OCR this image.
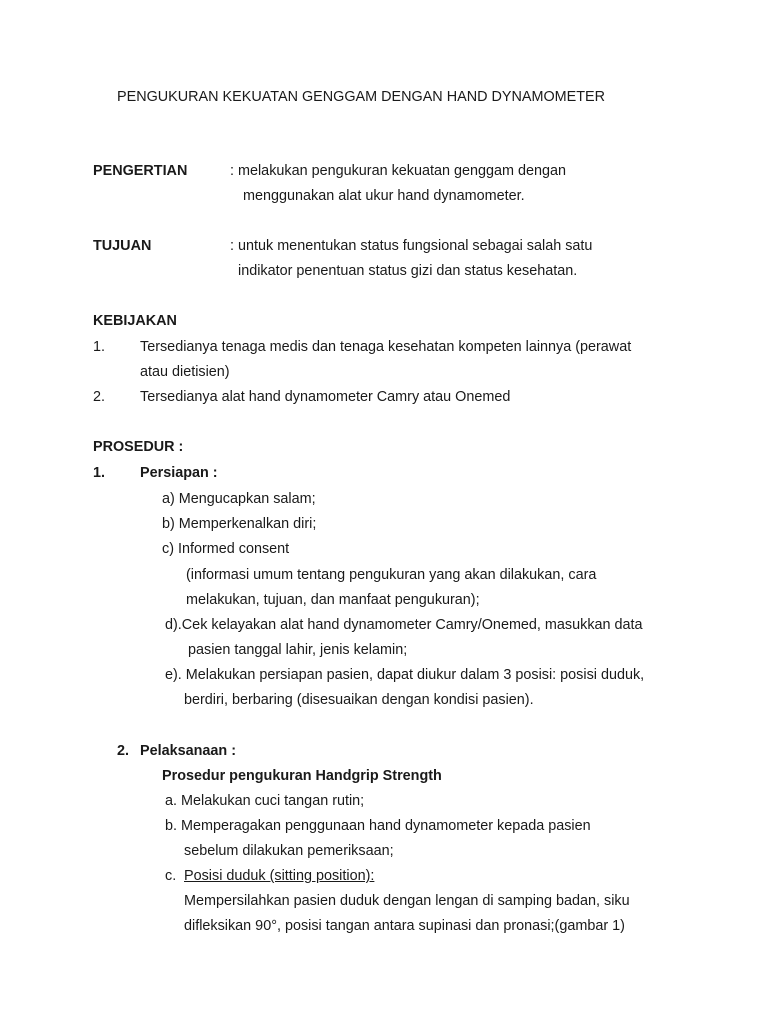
PENGUKURAN KEKUATAN GENGGAM DENGAN HAND DYNAMOMETER
PENGERTIAN	: melakukan pengukuran kekuatan genggam dengan
menggunakan alat ukur hand dynamometer.
TUJUAN	: untuk menentukan status fungsional sebagai salah satu
indikator penentuan status gizi dan status kesehatan.
KEBIJAKAN
1. Tersedianya tenaga medis dan tenaga kesehatan kompeten lainnya (perawat
atau dietisien)
2. Tersedianya alat hand dynamometer Camry atau Onemed
PROSEDUR :
1. Persiapan :
a) Mengucapkan salam;
b) Memperkenalkan diri;
c) Informed consent
(informasi umum tentang pengukuran yang akan dilakukan, cara
melakukan, tujuan, dan manfaat pengukuran);
d).Cek kelayakan alat hand dynamometer Camry/Onemed, masukkan data
pasien tanggal lahir, jenis kelamin;
e). Melakukan persiapan pasien, dapat diukur dalam 3 posisi: posisi duduk,
berdiri, berbaring (disesuaikan dengan kondisi pasien).
2. Pelaksanaan :
Prosedur pengukuran Handgrip Strength
a. Melakukan cuci tangan rutin;
b. Memperagakan penggunaan hand dynamometer kepada pasien
sebelum dilakukan pemeriksaan;
c. Posisi duduk (sitting position):
Mempersilahkan pasien duduk dengan lengan di samping badan, siku
difleksikan 90°, posisi tangan antara supinasi dan pronasi;(gambar 1)
